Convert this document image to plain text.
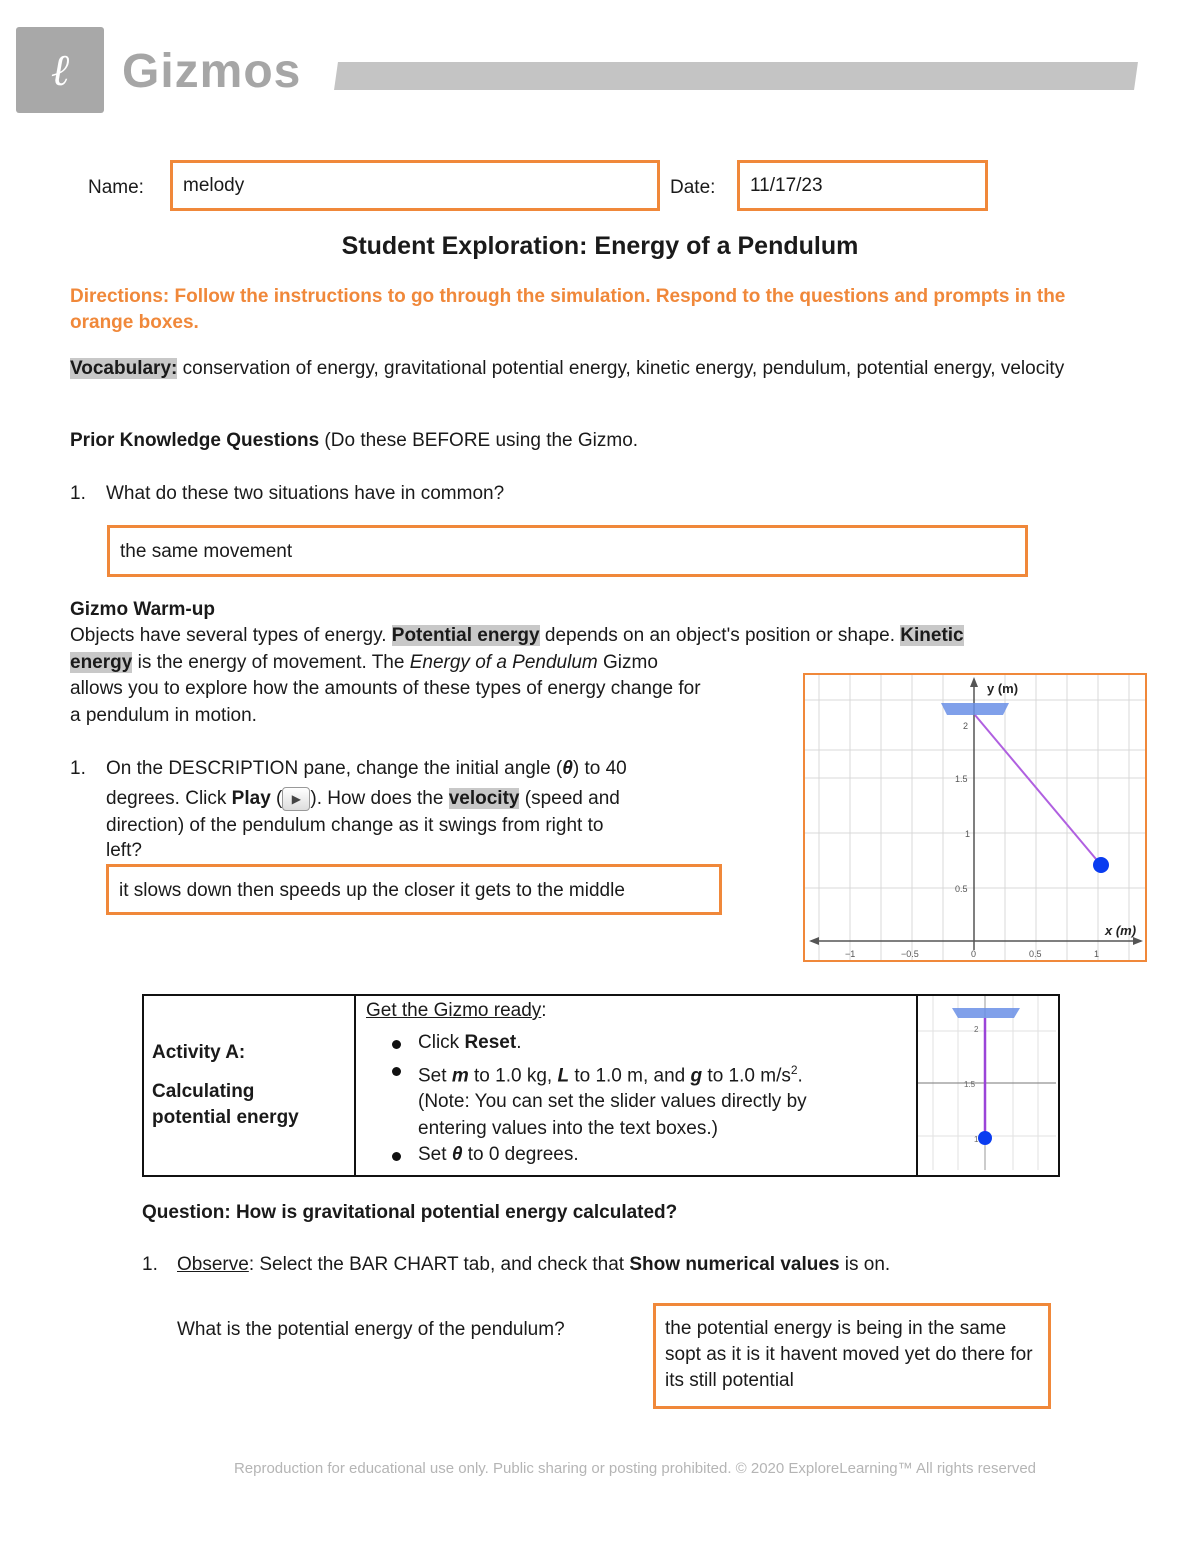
ℓ	Gizmos
Name: melody	Date: 11/17/23
Student Exploration: Energy of a Pendulum
Directions: Follow the instructions to go through the simulation. Respond to the questions and prompts in the orange boxes.
Vocabulary: conservation of energy, gravitational potential energy, kinetic energy, pendulum, potential energy, velocity
Prior Knowledge Questions (Do these BEFORE using the Gizmo.
1. What do these two situations have in common?
the same movement
Gizmo Warm-up
Objects have several types of energy. Potential energy depends on an object's position or shape. Kinetic
energy is the energy of movement. The Energy of a Pendulum Gizmo
allows you to explore how the amounts of these types of energy change for
a pendulum in motion.
1. On the DESCRIPTION pane, change the initial angle (θ) to 40
degrees. Click Play ( ▶ ). How does the velocity (speed and
direction) of the pendulum change as it swings from right to
left?
it slows down then speeds up the closer it gets to the middle
y (m)
x (m)
2
1.5
1
0.5
−1	−0.5	0	0.5	1
Activity A:
Calculating
potential energy

Get the Gizmo ready:
Click Reset.
Set m to 1.0 kg, L to 1.0 m, and g to 1.0 $m/s^2$.
(Note: You can set the slider values directly by
entering values into the text boxes.)
Set θ to 0 degrees.

2
1.5
1
Question: How is gravitational potential energy calculated?
1. Observe: Select the BAR CHART tab, and check that Show numerical values is on.
What is the potential energy of the pendulum?	the potential energy is being in the same sopt as it is it havent moved yet do there for its still potential
Reproduction for educational use only. Public sharing or posting prohibited. © 2020 ExploreLearning™ All rights reserved
